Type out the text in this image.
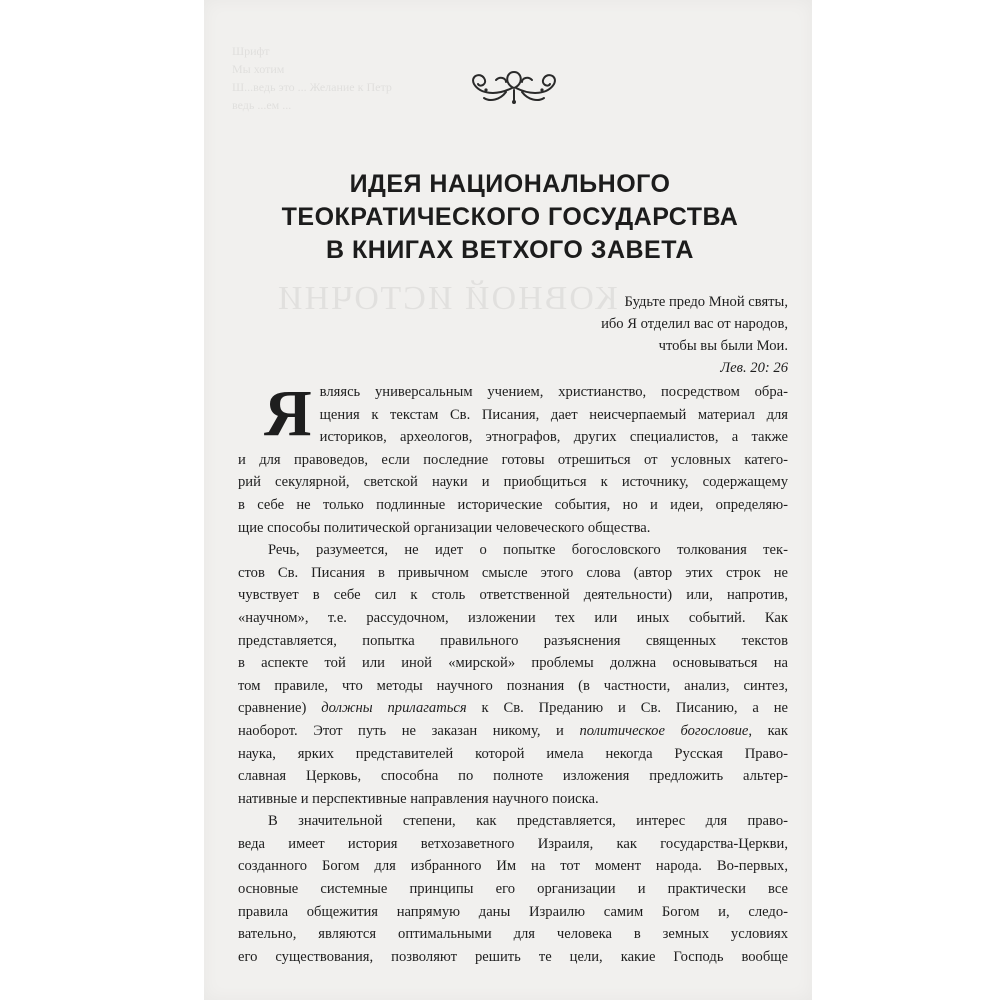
Шрифт
Мы хотим
Ш...ведь это ... Желание к Петр
ведь ...ем ...
КОВНОЙ ИСТОЧНИ
ИДЕЯ НАЦИОНАЛЬНОГО
ТЕОКРАТИЧЕСКОГО ГОСУДАРСТВА
В КНИГАХ ВЕТХОГО ЗАВЕТА
Будьте предо Мной святы,
ибо Я отделил вас от народов,
чтобы вы были Мои.
Лев. 20: 26
Я вляясь универсальным учением, христианство, посредством обра-
щения к текстам Св. Писания, дает неисчерпаемый материал для
историков, археологов, этнографов, других специалистов, а также
и для правоведов, если последние готовы отрешиться от условных катего-
рий секулярной, светской науки и приобщиться к источнику, содержащему
в себе не только подлинные исторические события, но и идеи, определяю-
щие способы политической организации человеческого общества.
Речь, разумеется, не идет о попытке богословского толкования тек-
стов Св. Писания в привычном смысле этого слова (автор этих строк не
чувствует в себе сил к столь ответственной деятельности) или, напротив,
«научном», т.е. рассудочном, изложении тех или иных событий. Как
представляется, попытка правильного разъяснения священных текстов
в аспекте той или иной «мирской» проблемы должна основываться на
том правиле, что методы научного познания (в частности, анализ, синтез,
сравнение) должны прилагаться к Св. Преданию и Св. Писанию, а не
наоборот. Этот путь не заказан никому, и политическое богословие, как
наука, ярких представителей которой имела некогда Русская Право-
славная Церковь, способна по полноте изложения предложить альтер-
нативные и перспективные направления научного поиска.
В значительной степени, как представляется, интерес для право-
веда имеет история ветхозаветного Израиля, как государства-Церкви,
созданного Богом для избранного Им на тот момент народа. Во-первых,
основные системные принципы его организации и практически все
правила общежития напрямую даны Израилю самим Богом и, следо-
вательно, являются оптимальными для человека в земных условиях
его существования, позволяют решить те цели, какие Господь вообще
